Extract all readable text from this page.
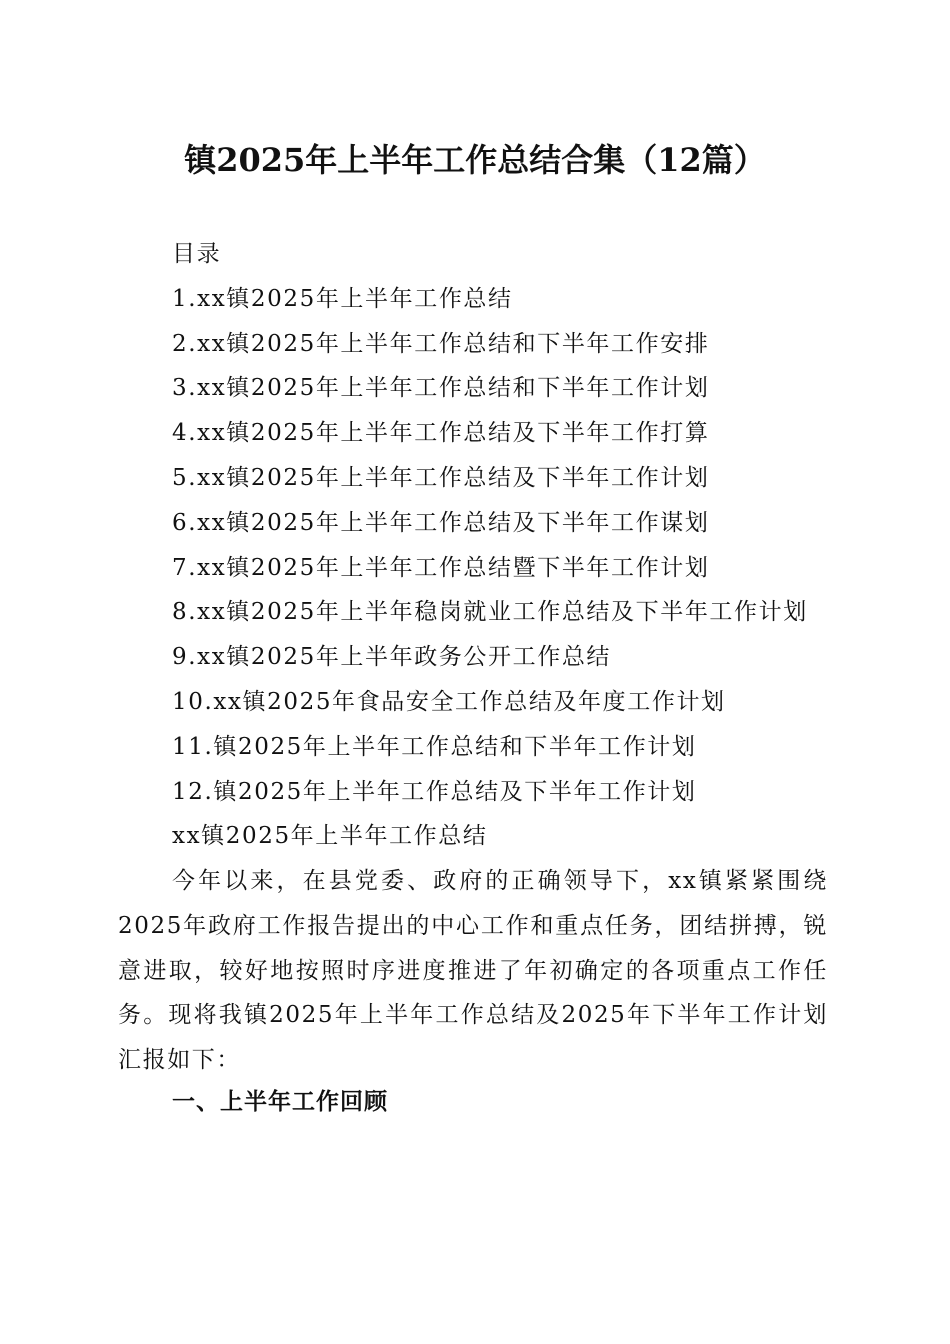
镇2025年上半年工作总结合集（12篇）
目录
1.xx镇2025年上半年工作总结
2.xx镇2025年上半年工作总结和下半年工作安排
3.xx镇2025年上半年工作总结和下半年工作计划
4.xx镇2025年上半年工作总结及下半年工作打算
5.xx镇2025年上半年工作总结及下半年工作计划
6.xx镇2025年上半年工作总结及下半年工作谋划
7.xx镇2025年上半年工作总结暨下半年工作计划
8.xx镇2025年上半年稳岗就业工作总结及下半年工作计划
9.xx镇2025年上半年政务公开工作总结
10.xx镇2025年食品安全工作总结及年度工作计划
11.镇2025年上半年工作总结和下半年工作计划
12.镇2025年上半年工作总结及下半年工作计划
xx镇2025年上半年工作总结

今年以来，在县党委、政府的正确领导下，xx镇紧紧围绕2025年政府工作报告提出的中心工作和重点任务，团结拼搏，锐意进取，较好地按照时序进度推进了年初确定的各项重点工作任务。现将我镇2025年上半年工作总结及2025年下半年工作计划汇报如下：

一、上半年工作回顾
